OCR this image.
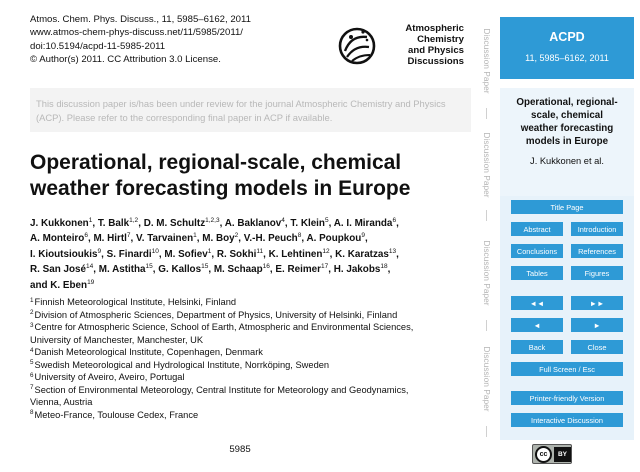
Atmos. Chem. Phys. Discuss., 11, 5985–6162, 2011
www.atmos-chem-phys-discuss.net/11/5985/2011/
doi:10.5194/acpd-11-5985-2011
© Author(s) 2011. CC Attribution 3.0 License.
Atmospheric
Chemistry
and Physics
Discussions
This discussion paper is/has been under review for the journal Atmospheric Chemistry and Physics (ACP). Please refer to the corresponding final paper in ACP if available.
Operational, regional-scale, chemical
weather forecasting models in Europe
J. Kukkonen$^1$, T. Balk$^{1,2}$, D. M. Schultz$^{1,2,3}$, A. Baklanov$^4$, T. Klein$^5$, A. I. Miranda$^6$,
A. Monteiro$^6$, M. Hirtl$^7$, V. Tarvainen$^1$, M. Boy$^2$, V.-H. Peuch$^8$, A. Poupkou$^9$,
I. Kioutsioukis$^9$, S. Finardi$^{10}$, M. Sofiev$^1$, R. Sokhi$^{11}$, K. Lehtinen$^{12}$, K. Karatzas$^{13}$,
R. San José$^{14}$, M. Astitha$^{15}$, G. Kallos$^{15}$, M. Schaap$^{16}$, E. Reimer$^{17}$, H. Jakobs$^{18}$,
and K. Eben$^{19}$
$^1$Finnish Meteorological Institute, Helsinki, Finland
$^2$Division of Atmospheric Sciences, Department of Physics, University of Helsinki, Finland
$^3$Centre for Atmospheric Science, School of Earth, Atmospheric and Environmental Sciences,
University of Manchester, Manchester, UK
$^4$Danish Meteorological Institute, Copenhagen, Denmark
$^5$Swedish Meteorological and Hydrological Institute, Norrköping, Sweden
$^6$University of Aveiro, Aveiro, Portugal
$^7$Section of Environmental Meteorology, Central Institute for Meteorology and Geodynamics,
Vienna, Austria
$^8$Meteo-France, Toulouse Cedex, France
5985
Discussion Paper
Discussion Paper
Discussion Paper
Discussion Paper
ACPD
11, 5985–6162, 2011
Operational, regional-
scale, chemical
weather forecasting
models in Europe
J. Kukkonen et al.
Title Page
Abstract	Introduction
Conclusions	References
Tables	Figures
◄◄	►►
◄	►
Back	Close
Full Screen / Esc
Printer-friendly Version
Interactive Discussion
cc	BY
